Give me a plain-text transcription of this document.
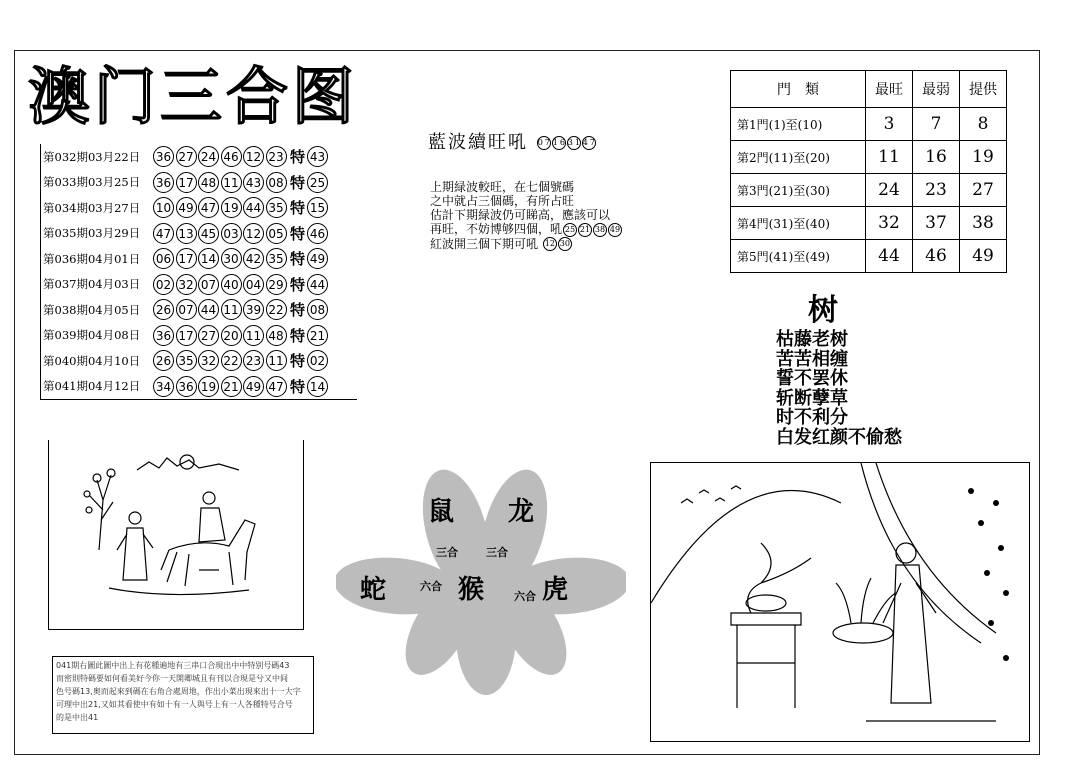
澳门三合图
第032期03月22日	36 27 24 46 12 23 特 43
第033期03月25日	36 17 48 11 43 08 特 25
第034期03月27日	10 49 47 19 44 35 特 15
第035期03月29日	47 13 45 03 12 05 特 46
第036期04月01日	06 17 14 30 42 35 特 49
第037期04月03日	02 32 07 40 04 29 特 44
第038期04月05日	26 07 44 11 39 22 特 08
第039期04月08日	36 17 27 20 11 48 特 21
第040期04月10日	26 35 32 22 23 11 特 02
第041期04月12日	34 36 19 21 49 47 特 14
藍波續旺吼 07163147
上期緑波較旺，在七個號碼
之中就占三個碼，有所占旺
估計下期緑波仍可睇高，應該可以
再旺，不妨博够四個，吼 25 21 38 49
紅波開三個下期可吼 12 30
門　類	最旺	最弱	提供
第1門(1)至(10)	3	7	8
第2門(11)至(20)	11	16	19
第3門(21)至(30)	24	23	27
第4門(31)至(40)	32	37	38
第5門(41)至(49)	44	46	49
树
枯藤老树
苦苦相缠
誓不罢休
斩断孽草
时不利分
白发红颜不偷愁
鼠 龙
蛇	猴 虎
三合	三合
六合
六合
041期右圖此圖中出上有花種遍地有三串口合現出中中特别号碼43
而密則特碼要如何看美好今你一天開卿城且有刊以合現是兮又中间
色号碼13,奥而起來到碼在右角合處周地，作出小菜出現來出十一大字
可理中出21,又如其看使中有如十有一人與号上有一人各種特号合号
的是中出41
